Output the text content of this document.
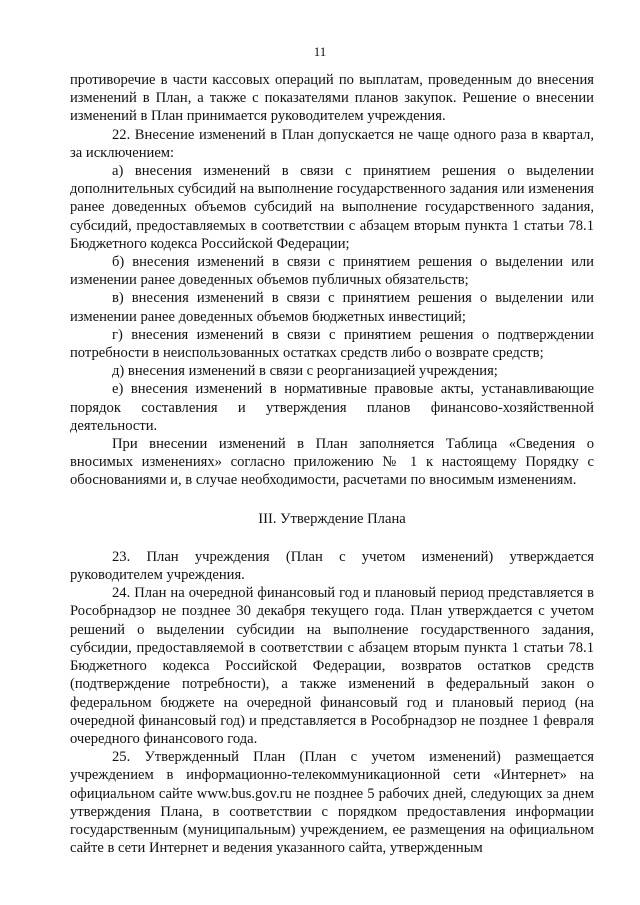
11

противоречие в части кассовых операций по выплатам, проведенным до внесения изменений в План, а также с показателями планов закупок. Решение о внесении изменений в План принимается руководителем учреждения.

22. Внесение изменений в План допускается не чаще одного раза в квартал, за исключением:

а) внесения изменений в связи с принятием решения о выделении дополнительных субсидий на выполнение государственного задания или изменения ранее доведенных объемов субсидий на выполнение государственного задания, субсидий, предоставляемых в соответствии с абзацем вторым пункта 1 статьи 78.1 Бюджетного кодекса Российской Федерации;

б) внесения изменений в связи с принятием решения о выделении или изменении ранее доведенных объемов публичных обязательств;

в) внесения изменений в связи с принятием решения о выделении или изменении ранее доведенных объемов бюджетных инвестиций;

г) внесения изменений в связи с принятием решения о подтверждении потребности в неиспользованных остатках средств либо о возврате средств;

д) внесения изменений в связи с реорганизацией учреждения;

е) внесения изменений в нормативные правовые акты, устанавливающие порядок составления и утверждения планов финансово-хозяйственной деятельности.

При внесении изменений в План заполняется Таблица «Сведения о вносимых изменениях» согласно приложению № 1 к настоящему Порядку с обоснованиями и, в случае необходимости, расчетами по вносимым изменениям.

III. Утверждение Плана

23. План учреждения (План с учетом изменений) утверждается руководителем учреждения.

24. План на очередной финансовый год и плановый период представляется в Рособрнадзор не позднее 30 декабря текущего года. План утверждается с учетом решений о выделении субсидии на выполнение государственного задания, субсидии, предоставляемой в соответствии с абзацем вторым пункта 1 статьи 78.1 Бюджетного кодекса Российской Федерации, возвратов остатков средств (подтверждение потребности), а также изменений в федеральный закон о федеральном бюджете на очередной финансовый год и плановый период (на очередной финансовый год) и представляется в Рособрнадзор не позднее 1 февраля очередного финансового года.

25. Утвержденный План (План с учетом изменений) размещается учреждением в информационно-телекоммуникационной сети «Интернет» на официальном сайте www.bus.gov.ru не позднее 5 рабочих дней, следующих за днем утверждения Плана, в соответствии с порядком предоставления информации государственным (муниципальным) учреждением, ее размещения на официальном сайте в сети Интернет и ведения указанного сайта, утвержденным
